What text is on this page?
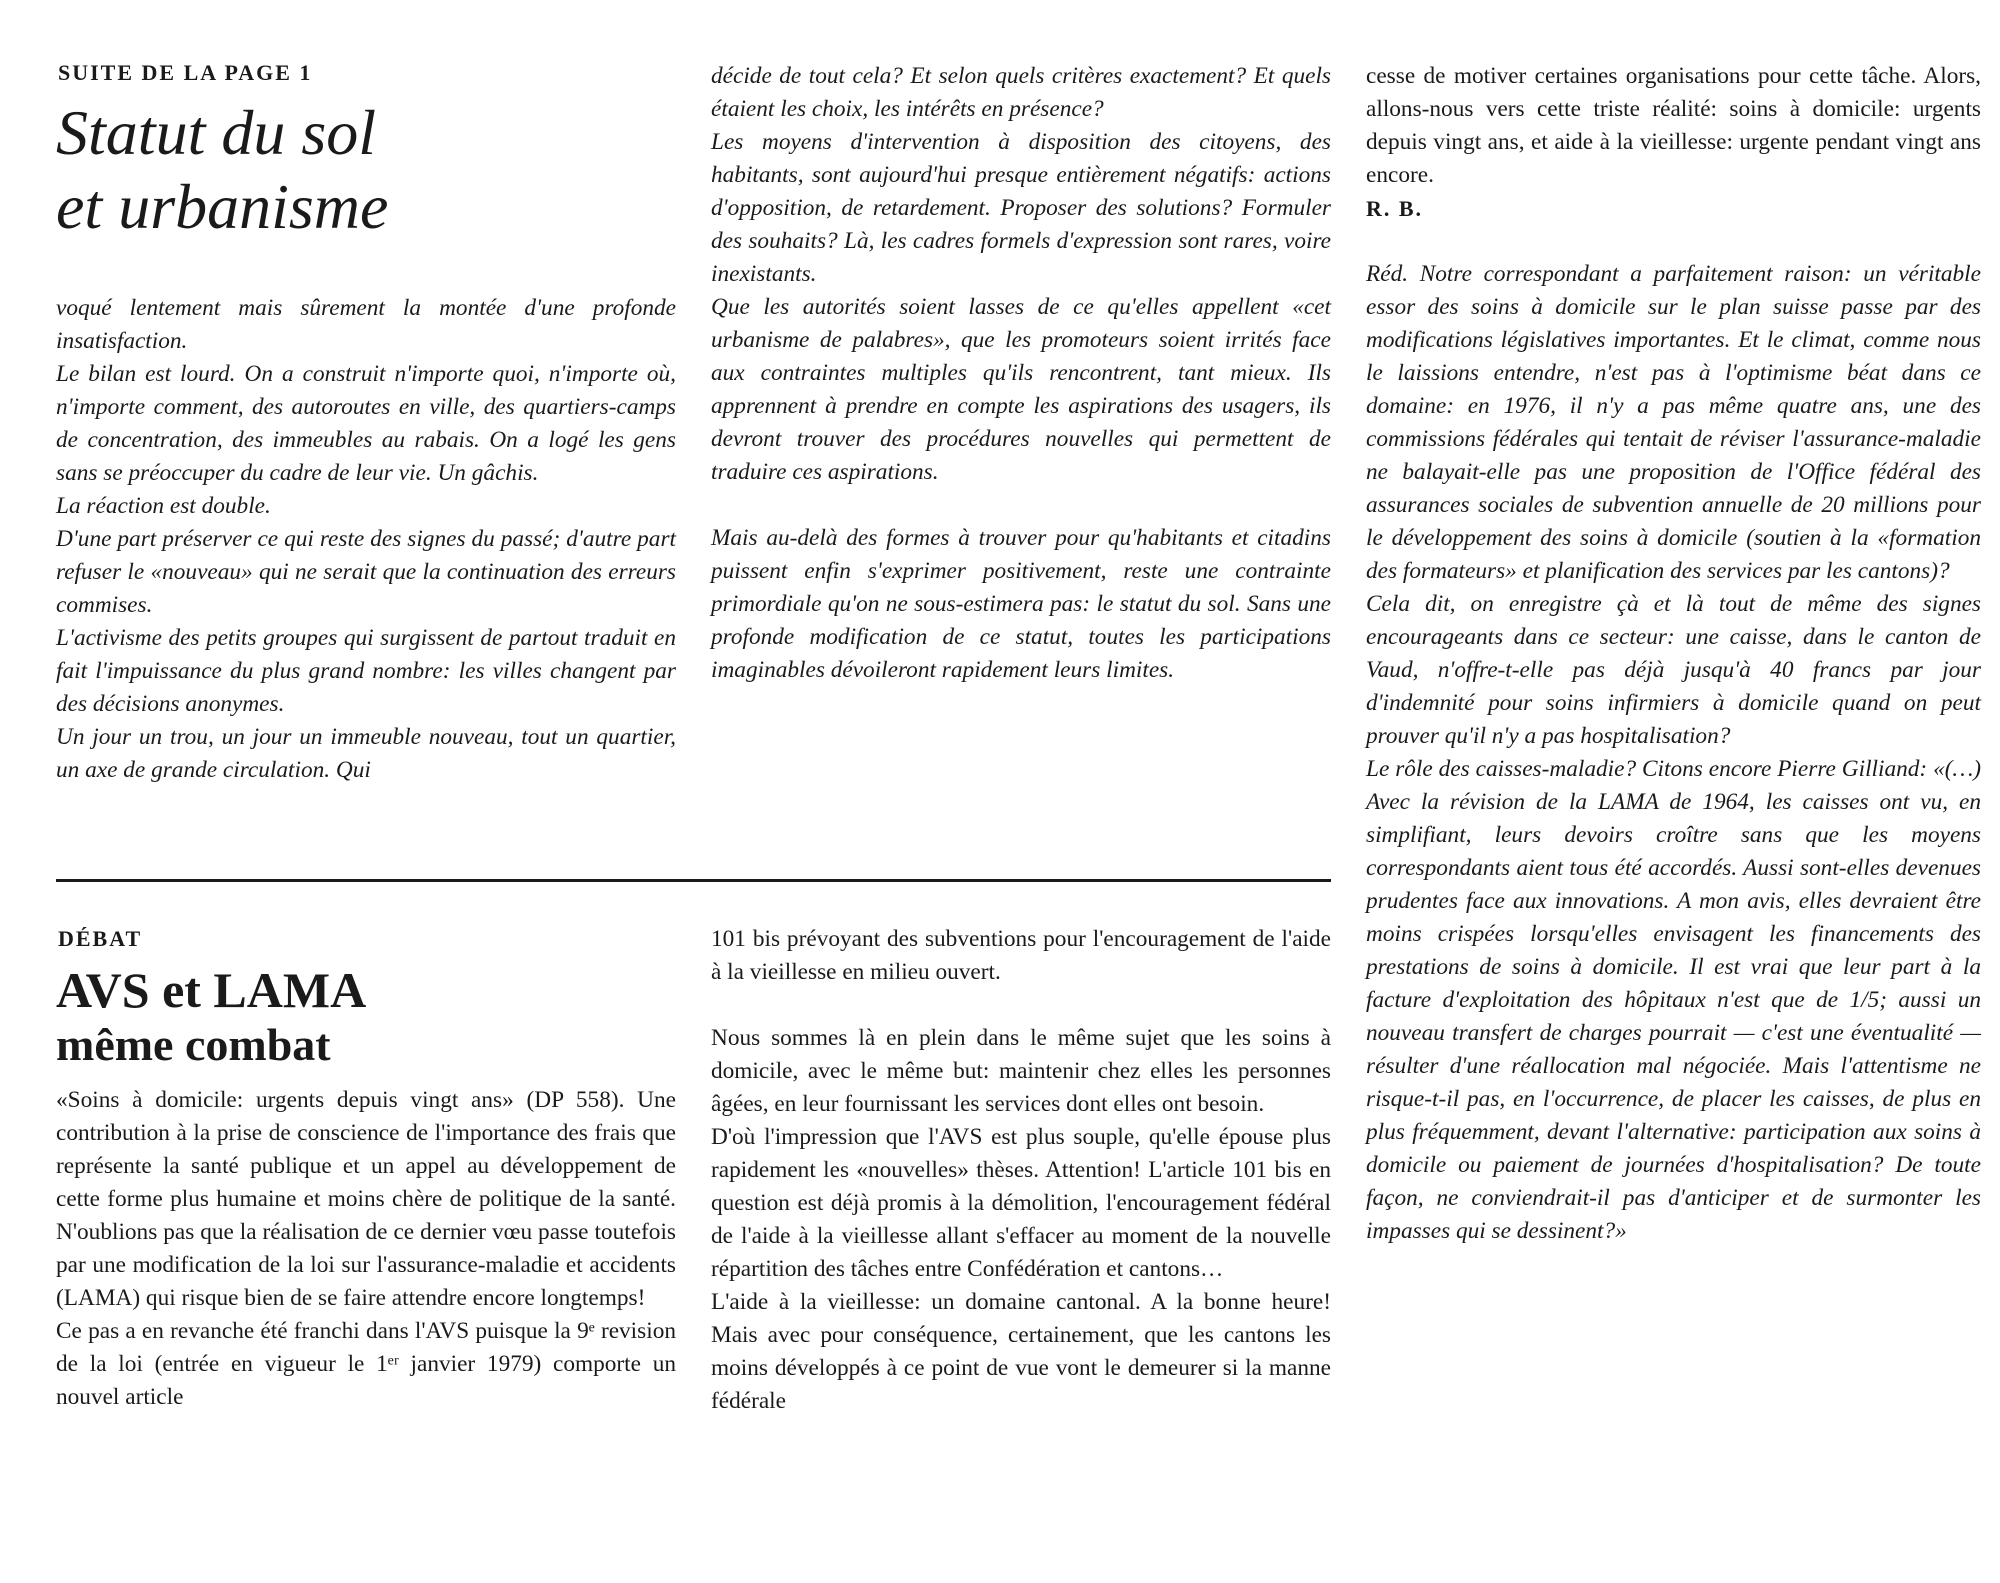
SUITE DE LA PAGE 1

Statut du sol
et urbanisme

voqué lentement mais sûrement la montée d'une profonde insatisfaction.

Le bilan est lourd. On a construit n'importe quoi, n'importe où, n'importe comment, des autoroutes en ville, des quartiers-camps de concentration, des immeubles au rabais. On a logé les gens sans se préoccuper du cadre de leur vie. Un gâchis.

La réaction est double.

D'une part préserver ce qui reste des signes du passé; d'autre part refuser le «nouveau» qui ne serait que la continuation des erreurs commises.

L'activisme des petits groupes qui surgissent de partout traduit en fait l'impuissance du plus grand nombre: les villes changent par des décisions anonymes.

Un jour un trou, un jour un immeuble nouveau, tout un quartier, un axe de grande circulation. Qui

décide de tout cela? Et selon quels critères exactement? Et quels étaient les choix, les intérêts en présence?

Les moyens d'intervention à disposition des citoyens, des habitants, sont aujourd'hui presque entièrement négatifs: actions d'opposition, de retardement. Proposer des solutions? Formuler des souhaits? Là, les cadres formels d'expression sont rares, voire inexistants.

Que les autorités soient lasses de ce qu'elles appellent «cet urbanisme de palabres», que les promoteurs soient irrités face aux contraintes multiples qu'ils rencontrent, tant mieux. Ils apprennent à prendre en compte les aspirations des usagers, ils devront trouver des procédures nouvelles qui permettent de traduire ces aspirations.

Mais au-delà des formes à trouver pour qu'habitants et citadins puissent enfin s'exprimer positivement, reste une contrainte primordiale qu'on ne sous-estimera pas: le statut du sol. Sans une profonde modification de ce statut, toutes les participations imaginables dévoileront rapidement leurs limites.

DÉBAT

AVS et LAMA
même combat

«Soins à domicile: urgents depuis vingt ans» (DP 558). Une contribution à la prise de conscience de l'importance des frais que représente la santé publique et un appel au développement de cette forme plus humaine et moins chère de politique de la santé. N'oublions pas que la réalisation de ce dernier vœu passe toutefois par une modification de la loi sur l'assurance-maladie et accidents (LAMA) qui risque bien de se faire attendre encore longtemps!

Ce pas a en revanche été franchi dans l'AVS puisque la 9ᵉ revision de la loi (entrée en vigueur le 1ᵉʳ janvier 1979) comporte un nouvel article

101 bis prévoyant des subventions pour l'encouragement de l'aide à la vieillesse en milieu ouvert.

Nous sommes là en plein dans le même sujet que les soins à domicile, avec le même but: maintenir chez elles les personnes âgées, en leur fournissant les services dont elles ont besoin.

D'où l'impression que l'AVS est plus souple, qu'elle épouse plus rapidement les «nouvelles» thèses. Attention! L'article 101 bis en question est déjà promis à la démolition, l'encouragement fédéral de l'aide à la vieillesse allant s'effacer au moment de la nouvelle répartition des tâches entre Confédération et cantons…

L'aide à la vieillesse: un domaine cantonal. A la bonne heure! Mais avec pour conséquence, certainement, que les cantons les moins développés à ce point de vue vont le demeurer si la manne fédérale

cesse de motiver certaines organisations pour cette tâche. Alors, allons-nous vers cette triste réalité: soins à domicile: urgents depuis vingt ans, et aide à la vieillesse: urgente pendant vingt ans encore.

R. B.

Réd. Notre correspondant a parfaitement raison: un véritable essor des soins à domicile sur le plan suisse passe par des modifications législatives importantes. Et le climat, comme nous le laissions entendre, n'est pas à l'optimisme béat dans ce domaine: en 1976, il n'y a pas même quatre ans, une des commissions fédérales qui tentait de réviser l'assurance-maladie ne balayait-elle pas une proposition de l'Office fédéral des assurances sociales de subvention annuelle de 20 millions pour le développement des soins à domicile (soutien à la «formation des formateurs» et planification des services par les cantons)?

Cela dit, on enregistre çà et là tout de même des signes encourageants dans ce secteur: une caisse, dans le canton de Vaud, n'offre-t-elle pas déjà jusqu'à 40 francs par jour d'indemnité pour soins infirmiers à domicile quand on peut prouver qu'il n'y a pas hospitalisation?

Le rôle des caisses-maladie? Citons encore Pierre Gilliand: «(…) Avec la révision de la LAMA de 1964, les caisses ont vu, en simplifiant, leurs devoirs croître sans que les moyens correspondants aient tous été accordés. Aussi sont-elles devenues prudentes face aux innovations. A mon avis, elles devraient être moins crispées lorsqu'elles envisagent les financements des prestations de soins à domicile. Il est vrai que leur part à la facture d'exploitation des hôpitaux n'est que de 1/5; aussi un nouveau transfert de charges pourrait — c'est une éventualité — résulter d'une réallocation mal négociée. Mais l'attentisme ne risque-t-il pas, en l'occurrence, de placer les caisses, de plus en plus fréquemment, devant l'alternative: participation aux soins à domicile ou paiement de journées d'hospitalisation? De toute façon, ne conviendrait-il pas d'anticiper et de surmonter les impasses qui se dessinent?»
